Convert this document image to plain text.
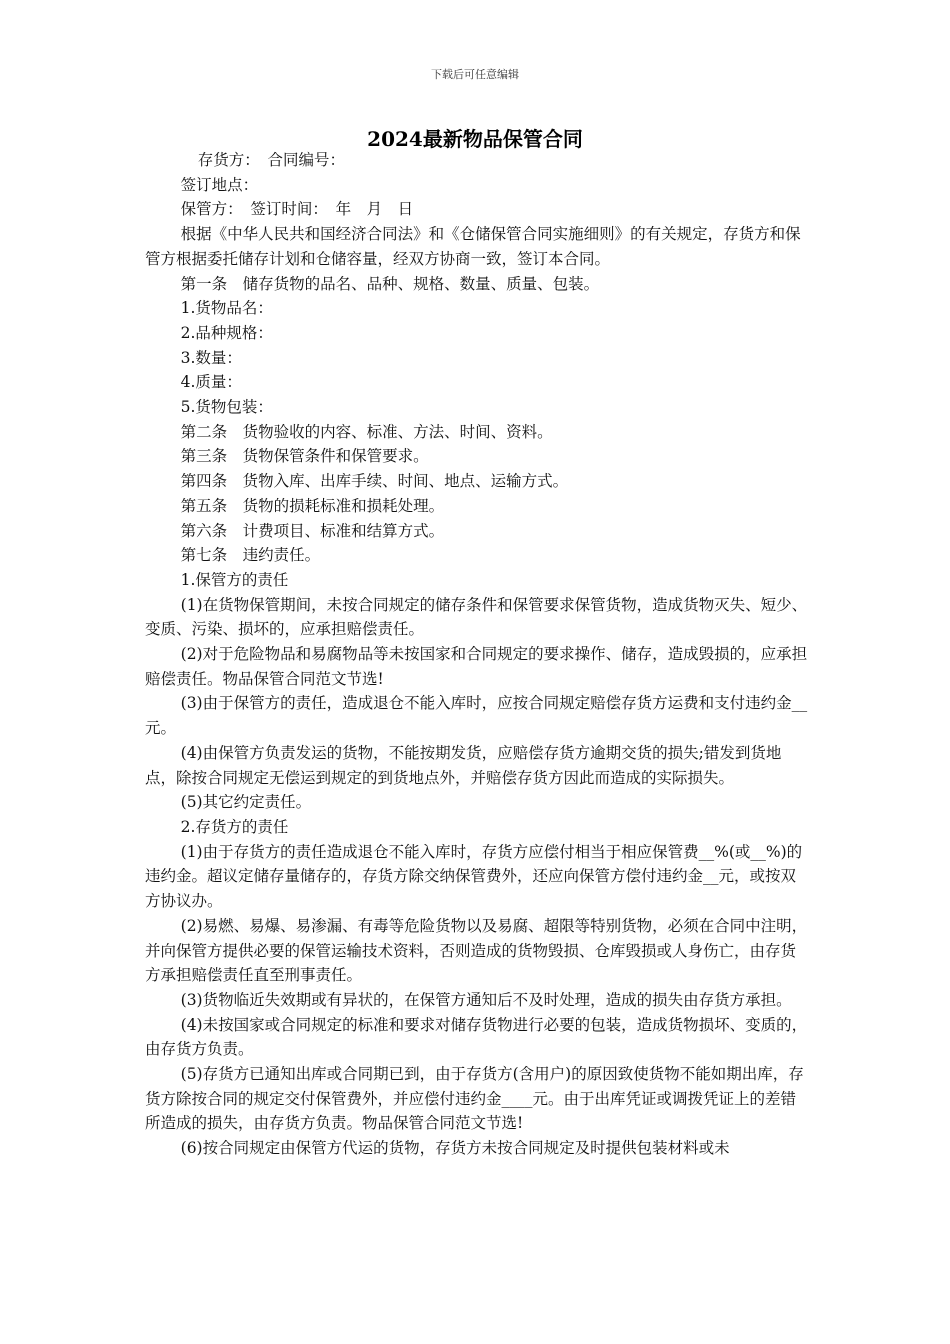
下载后可任意编辑
2024最新物品保管合同

存货方：　合同编号：

签订地点：

保管方：　签订时间：　年　月　日

根据《中华人民共和国经济合同法》和《仓储保管合同实施细则》的有关规定，存货方和保管方根据委托储存计划和仓储容量，经双方协商一致，签订本合同。

第一条　储存货物的品名、品种、规格、数量、质量、包装。

1.货物品名：

2.品种规格：

3.数量：

4.质量：

5.货物包装：

第二条　货物验收的内容、标准、方法、时间、资料。

第三条　货物保管条件和保管要求。

第四条　货物入库、出库手续、时间、地点、运输方式。

第五条　货物的损耗标准和损耗处理。

第六条　计费项目、标准和结算方式。

第七条　违约责任。

1.保管方的责任

(1)在货物保管期间，未按合同规定的储存条件和保管要求保管货物，造成货物灭失、短少、变质、污染、损坏的，应承担赔偿责任。

(2)对于危险物品和易腐物品等未按国家和合同规定的要求操作、储存，造成毁损的，应承担赔偿责任。物品保管合同范文节选!

(3)由于保管方的责任，造成退仓不能入库时，应按合同规定赔偿存货方运费和支付违约金__元。

(4)由保管方负责发运的货物，不能按期发货，应赔偿存货方逾期交货的损失;错发到货地点，除按合同规定无偿运到规定的到货地点外，并赔偿存货方因此而造成的实际损失。

(5)其它约定责任。

2.存货方的责任

(1)由于存货方的责任造成退仓不能入库时，存货方应偿付相当于相应保管费__%(或__%)的违约金。超议定储存量储存的，存货方除交纳保管费外，还应向保管方偿付违约金__元，或按双方协议办。

(2)易燃、易爆、易渗漏、有毒等危险货物以及易腐、超限等特别货物，必须在合同中注明，并向保管方提供必要的保管运输技术资料，否则造成的货物毁损、仓库毁损或人身伤亡，由存货方承担赔偿责任直至刑事责任。

(3)货物临近失效期或有异状的，在保管方通知后不及时处理，造成的损失由存货方承担。

(4)未按国家或合同规定的标准和要求对储存货物进行必要的包装，造成货物损坏、变质的，由存货方负责。

(5)存货方已通知出库或合同期已到，由于存货方(含用户)的原因致使货物不能如期出库，存货方除按合同的规定交付保管费外，并应偿付违约金____元。由于出库凭证或调拨凭证上的差错所造成的损失，由存货方负责。物品保管合同范文节选!

(6)按合同规定由保管方代运的货物，存货方未按合同规定及时提供包装材料或未
